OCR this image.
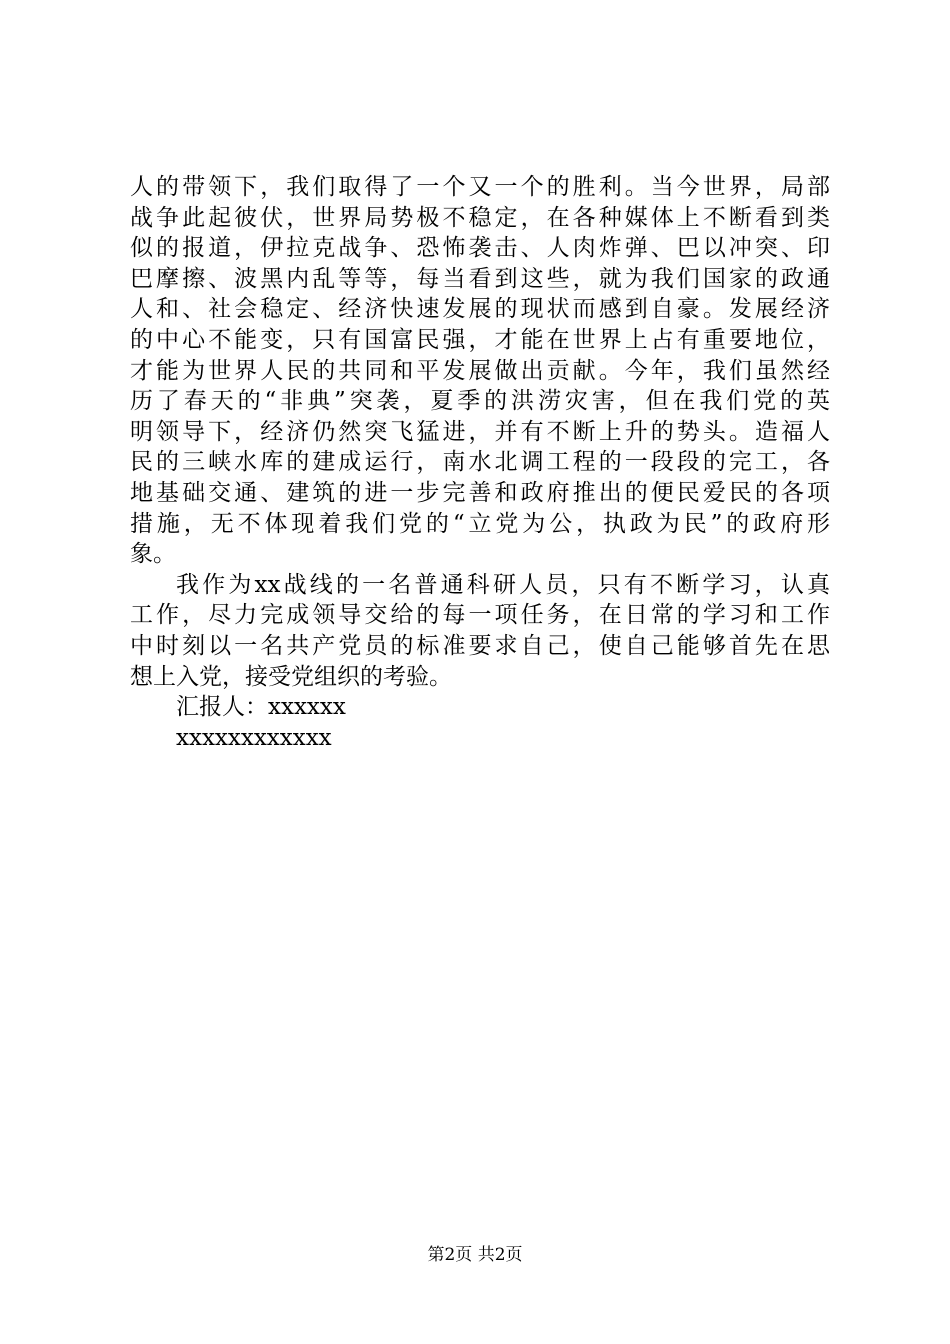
人的带领下，我们取得了一个又一个的胜利。当今世界，局部
战争此起彼伏，世界局势极不稳定，在各种媒体上不断看到类
似的报道，伊拉克战争、恐怖袭击、人肉炸弹、巴以冲突、印
巴摩擦、波黑内乱等等，每当看到这些，就为我们国家的政通
人和、社会稳定、经济快速发展的现状而感到自豪。发展经济
的中心不能变，只有国富民强，才能在世界上占有重要地位，
才能为世界人民的共同和平发展做出贡献。今年，我们虽然经
历了春天的“非典”突袭，夏季的洪涝灾害，但在我们党的英
明领导下，经济仍然突飞猛进，并有不断上升的势头。造福人
民的三峡水库的建成运行，南水北调工程的一段段的完工，各
地基础交通、建筑的进一步完善和政府推出的便民爱民的各项
措施，无不体现着我们党的“立党为公，执政为民”的政府形
象。
我作为xx战线的一名普通科研人员，只有不断学习，认真
工作，尽力完成领导交给的每一项任务，在日常的学习和工作
中时刻以一名共产党员的标准要求自己，使自己能够首先在思
想上入党，接受党组织的考验。
汇报人：xxxxxx
xxxxxxxxxxxx
第2页 共2页
